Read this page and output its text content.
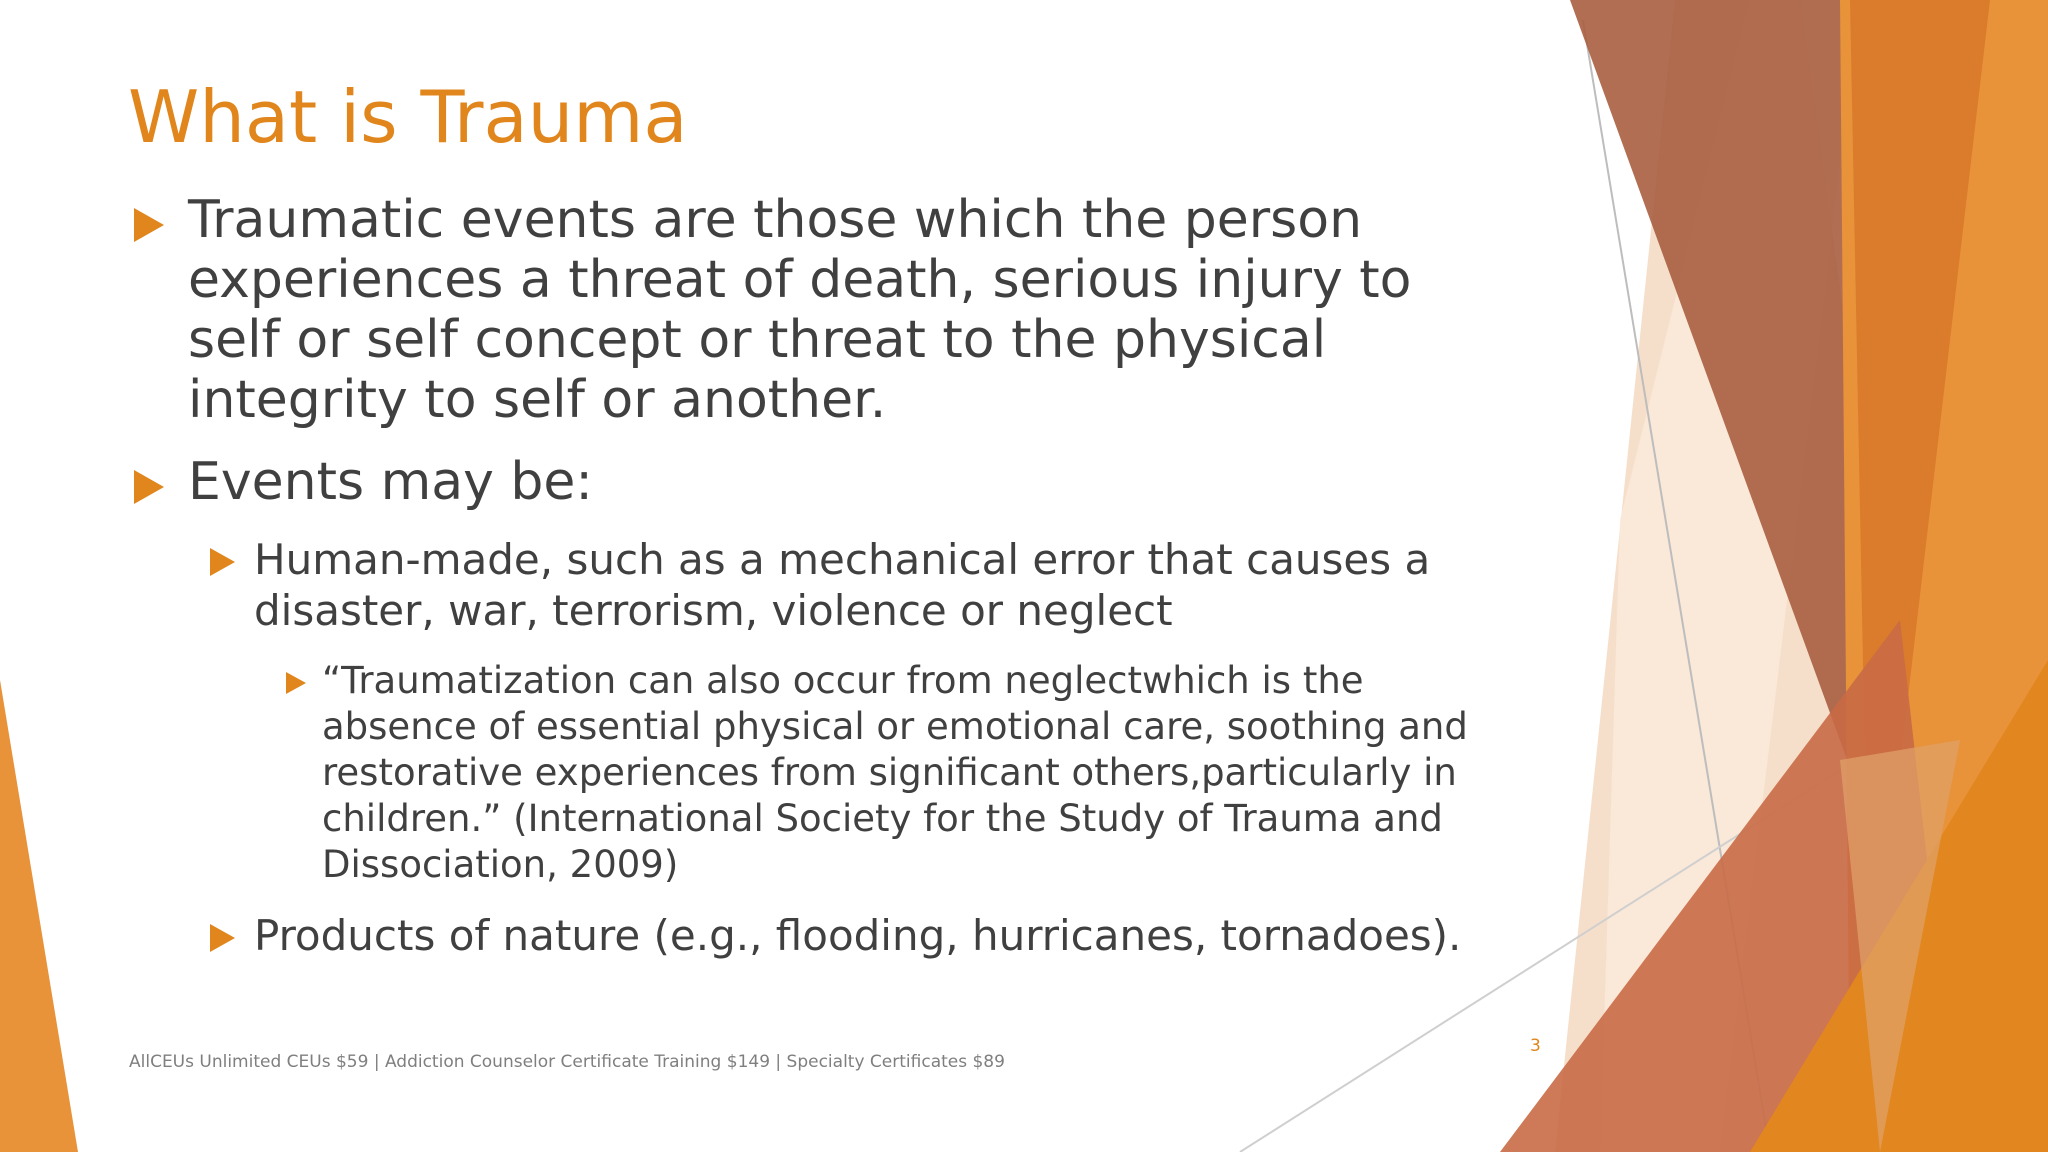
What is Trauma
Traumatic events are those which the person experiences a threat of death, serious injury to self or self concept or threat to the physical integrity to self or another.
Events may be:
Human-made, such as a mechanical error that causes a disaster, war, terrorism, violence or neglect
“Traumatization can also occur from neglectwhich is the absence of essential physical or emotional care, soothing and restorative experiences from significant others,particularly in children.” (International Society for the Study of Trauma and Dissociation, 2009)
Products of nature (e.g., flooding, hurricanes, tornadoes).
AllCEUs Unlimited CEUs $59 | Addiction Counselor Certificate Training $149 | Specialty Certificates $89
3
